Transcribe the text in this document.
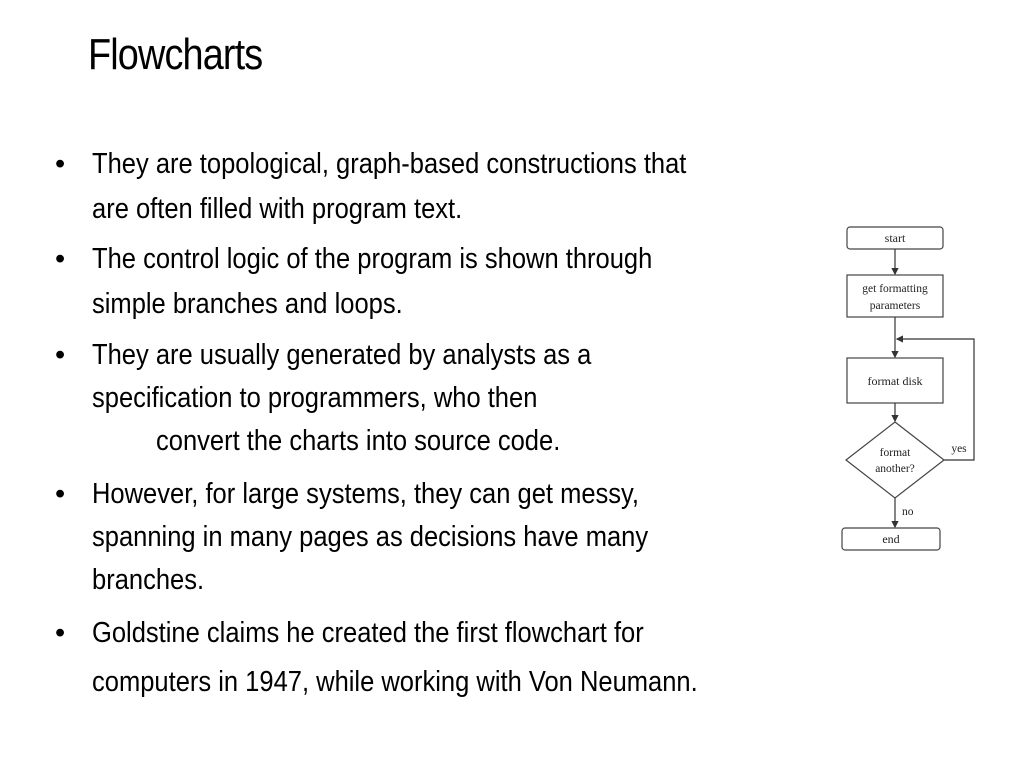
Flowcharts
• They are topological, graph-based constructions that
are often filled with program text.
• The control logic of the program is shown through
simple branches and loops.
• They are usually generated by analysts as a
specification to programmers, who then
convert the charts into source code.
• However, for large systems, they can get messy,
spanning in many pages as decisions have many
branches.
• Goldstine claims he created the first flowchart for
computers in 1947, while working with Von Neumann.
start
get formatting
parameters
format disk
format
another?
yes
no
end
